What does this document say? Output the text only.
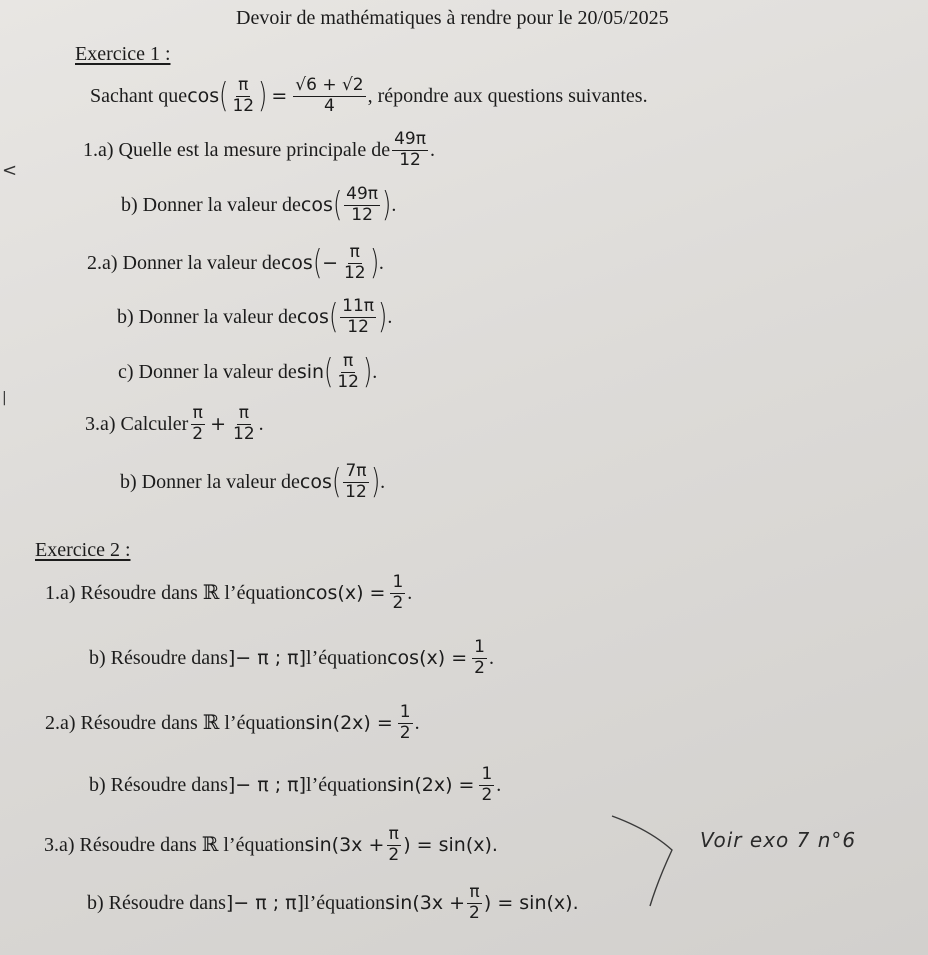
Devoir de mathématiques à rendre pour le 20/05/2025
Exercice 1 :
Sachant que cos ( $\frac{\pi}{12}$ ) = $\frac{√6 + √2}{4}$ , répondre aux questions suivantes.
1.a) Quelle est la mesure principale de $\frac{49\pi}{12}$ .
b) Donner la valeur de cos ( $\frac{49\pi}{12}$ ) .
2.a) Donner la valeur de cos ( − $\frac{\pi}{12}$ ) .
b) Donner la valeur de cos ( $\frac{11\pi}{12}$ ) .
c) Donner la valeur de sin ( $\frac{\pi}{12}$ ) .
3.a) Calculer $\frac{\pi}{2} + \frac{\pi}{12}$ .
b) Donner la valeur de cos ( $\frac{7\pi}{12}$ ) .
Exercice 2 :
1.a) Résoudre dans ℝ l’équation $\cos(x) = \frac{1}{2}$ .
b) Résoudre dans ]− π ; π] l’équation $\cos(x) = \frac{1}{2}$ .
2.a) Résoudre dans ℝ l’équation $\sin(2x) = \frac{1}{2}$ .
b) Résoudre dans ]− π ; π] l’équation $\sin(2x) = \frac{1}{2}$ .
3.a) Résoudre dans ℝ l’équation $\sin(3x + \frac{\pi}{2}$ ) = sin(x).
b) Résoudre dans ]− π ; π] l’équation $\sin(3x + \frac{\pi}{2}$ ) = sin(x).
Voir exo 7 n°6
<
|
